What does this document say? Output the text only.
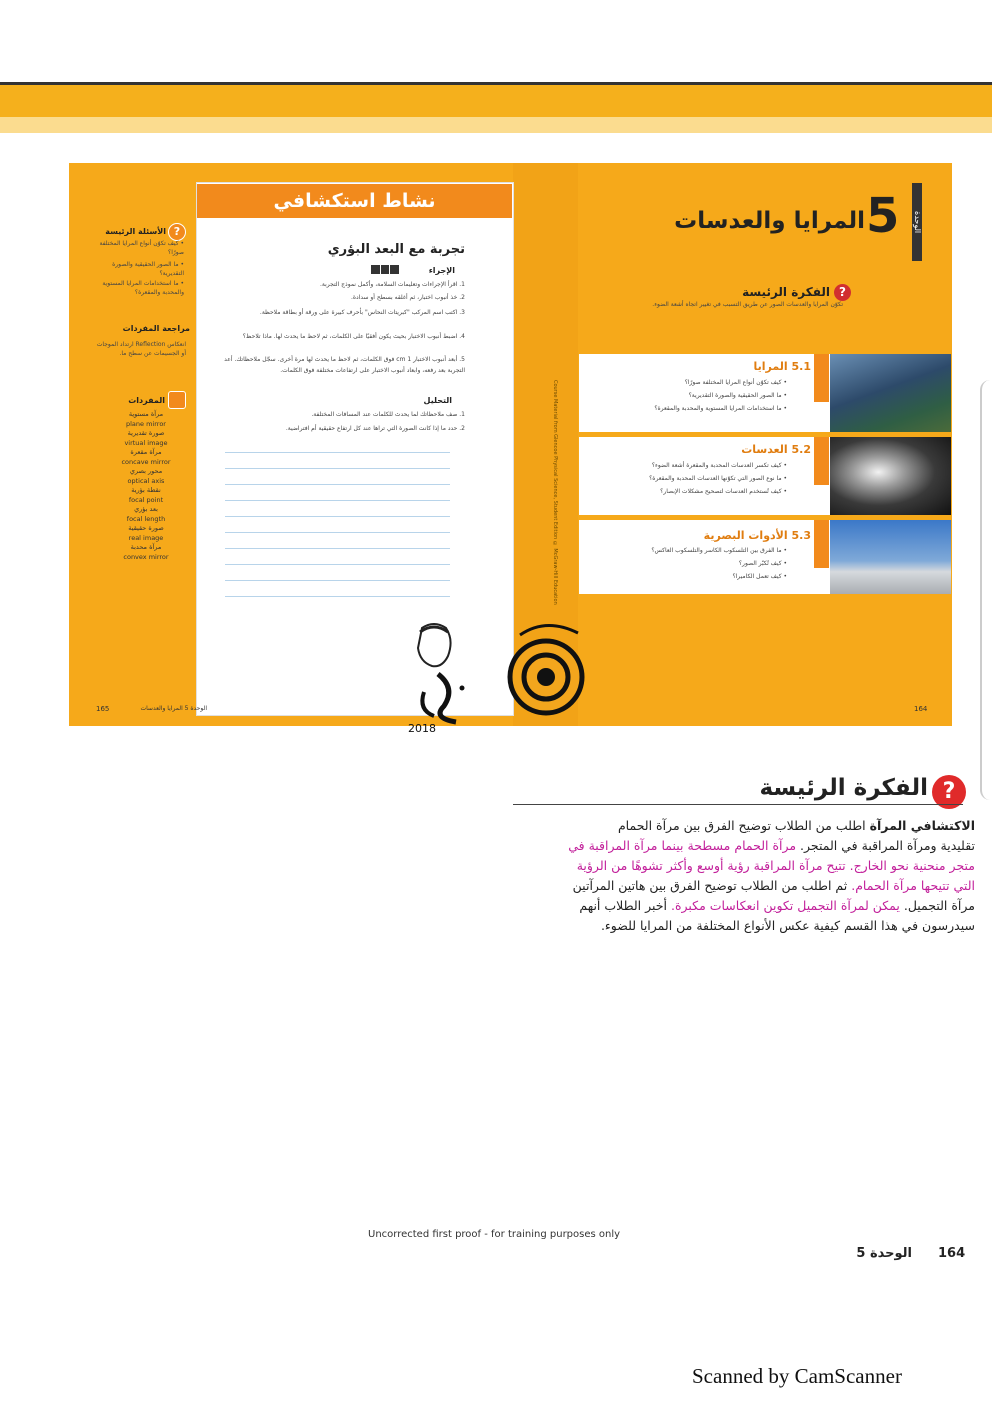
Course Material from Glencoe Physical Science, Student Edition © McGraw-Hill Education
نشاط استكشافي
تجربة مع البعد البؤري
الإجراء
1. اقرأ الإجراءات وتعليمات السلامة، وأكمل نموذج التجربة.
2. خذ أنبوب اختبار، ثم أغلقه بسطح أو سدادة.
3. اكتب اسم المركب "كبريتات النحاس" بأحرف كبيرة على ورقة أو بطاقة ملاحظة.
4. اضبط أنبوب الاختبار بحيث يكون أفقيًا على الكلمات، ثم لاحظ ما يحدث لها. ماذا تلاحظ؟
5. أبعد أنبوب الاختبار 1 cm فوق الكلمات، ثم لاحظ ما يحدث لها مرة أخرى. سجّل ملاحظاتك. أعد التجربة بعد رفعه، وابعاد أنبوب الاختبار على ارتفاعات مختلفة فوق الكلمات.
التحليل
1. صف ملاحظاتك لما يحدث للكلمات عند المسافات المختلفة.
2. حدد ما إذا كانت الصورة التي تراها عند كل ارتفاع حقيقية أم افتراضية.
?
الأسئلة الرئيسة
• كيف تكوّن أنواع المرايا المختلفة صورًا؟
• ما الصور الحقيقية والصورة التقديرية؟
• ما استخدامات المرايا المستوية والمحدبة والمقعرة؟
مراجعة المفردات
انعكاس Reflection ارتداد الموجات أو الجسيمات عن سطح ما.
المفردات
مرآة مستوية
plane mirror
صورة تقديرية
virtual image
مرآة مقعرة
concave mirror
محور بصري
optical axis
نقطة بؤرية
focal point
بعد بؤري
focal length
صورة حقيقية
real image
مرآة محدبة
convex mirror
165	الوحدة 5 المرايا والعدسات
الوحدة
5
المرايا والعدسات
?
الفكرة الرئيسة
تكوّن المرايا والعدسات الصور عن طريق التسبب في تغيير اتجاه أشعة الضوء.
5.1 المرايا
• كيف تكوّن أنواع المرايا المختلفة صورًا؟
• ما الصور الحقيقية والصورة التقديرية؟
• ما استخدامات المرايا المستوية والمحدبة والمقعرة؟
5.2 العدسات
• كيف تكسر العدسات المحدبة والمقعرة أشعة الضوء؟
• ما نوع الصور التي تكوّنها العدسات المحدبة والمقعرة؟
• كيف تُستخدم العدسات لتصحيح مشكلات الإبصار؟
5.3 الأدوات البصرية
• ما الفرق بين التلسكوب الكاسر والتلسكوب العاكس؟
• كيف تُكبّر الصور؟
• كيف تعمل الكاميرا؟
164
2018
?
الفكرة الرئيسة
الاكتشافي المرآة اطلب من الطلاب توضيح الفرق بين مرآة الحمام
تقليدية ومرآة المراقبة في المتجر. مرآة الحمام مسطحة بينما مرآة المراقبة في
متجر منحنية نحو الخارج. تتيح مرآة المراقبة رؤية أوسع وأكثر تشوهًا من الرؤية
التي تتيحها مرآة الحمام. ثم اطلب من الطلاب توضيح الفرق بين هاتين المرآتين
مرآة التجميل. يمكن لمرآة التجميل تكوين انعكاسات مكبرة. أخبر الطلاب أنهم
سيدرسون في هذا القسم كيفية عكس الأنواع المختلفة من المرايا للضوء.
Uncorrected first proof - for training purposes only
الوحدة 5 164
Scanned by CamScanner
